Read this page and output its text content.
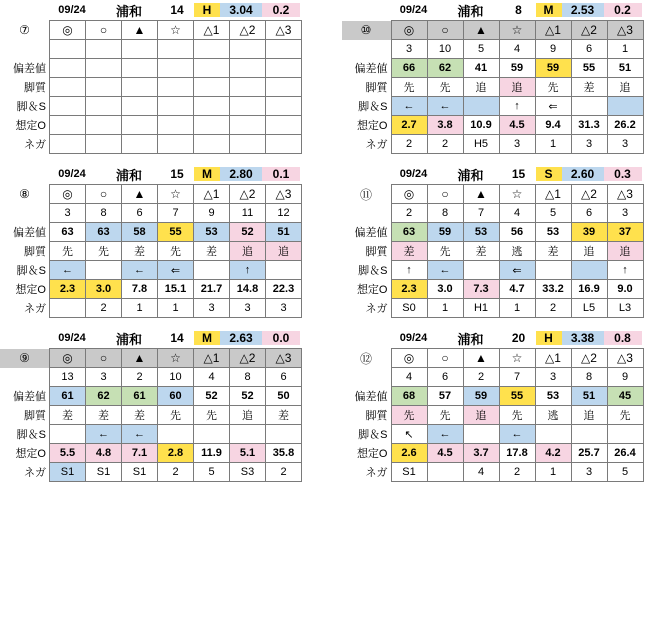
09/24	浦和	14	H	3.04	0.2
⑦	◎	○	▲	☆	△1	△2	△3

偏差値							
脚質							
脚＆S							
想定O							
ネガ							
09/24	浦和	8	M	2.53	0.2
⑩	◎	○	▲	☆	△1	△2	△3
	3	10	5	4	9	6	1
偏差値	66	62	41	59	59	55	51
脚質	先	先	追	追	先	差	追
脚＆S	←	←		↑	⇐		
想定O	2.7	3.8	10.9	4.5	9.4	31.3	26.2
ネガ	2	2	H5	3	1	3	3
09/24	浦和	15	M	2.80	0.1
⑧	◎	○	▲	☆	△1	△2	△3
	3	8	6	7	9	11	12
偏差値	63	63	58	55	53	52	51
脚質	先	先	差	先	差	追	追
脚＆S	←		←	⇐		↑	
想定O	2.3	3.0	7.8	15.1	21.7	14.8	22.3
ネガ		2	1	1	3	3	3
09/24	浦和	15	S	2.60	0.3
⑪	◎	○	▲	☆	△1	△2	△3
	2	8	7	4	5	6	3
偏差値	63	59	53	56	53	39	37
脚質	差	先	差	逃	差	追	追
脚＆S	↑	←		⇐			↑
想定O	2.3	3.0	7.3	4.7	33.2	16.9	9.0
ネガ	S0	1	H1	1	2	L5	L3
09/24	浦和	14	M	2.63	0.0
⑨	◎	○	▲	☆	△1	△2	△3
	13	3	2	10	4	8	6
偏差値	61	62	61	60	52	52	50
脚質	差	差	差	先	先	追	差
脚＆S		←	←				
想定O	5.5	4.8	7.1	2.8	11.9	5.1	35.8
ネガ	S1	S1	S1	2	5	S3	2
09/24	浦和	20	H	3.38	0.8
⑫	◎	○	▲	☆	△1	△2	△3
	4	6	2	7	3	8	9
偏差値	68	57	59	55	53	51	45
脚質	先	先	追	先	逃	追	先
脚＆S	↖	←		←			
想定O	2.6	4.5	3.7	17.8	4.2	25.7	26.4
ネガ	S1		4	2	1	3	5
